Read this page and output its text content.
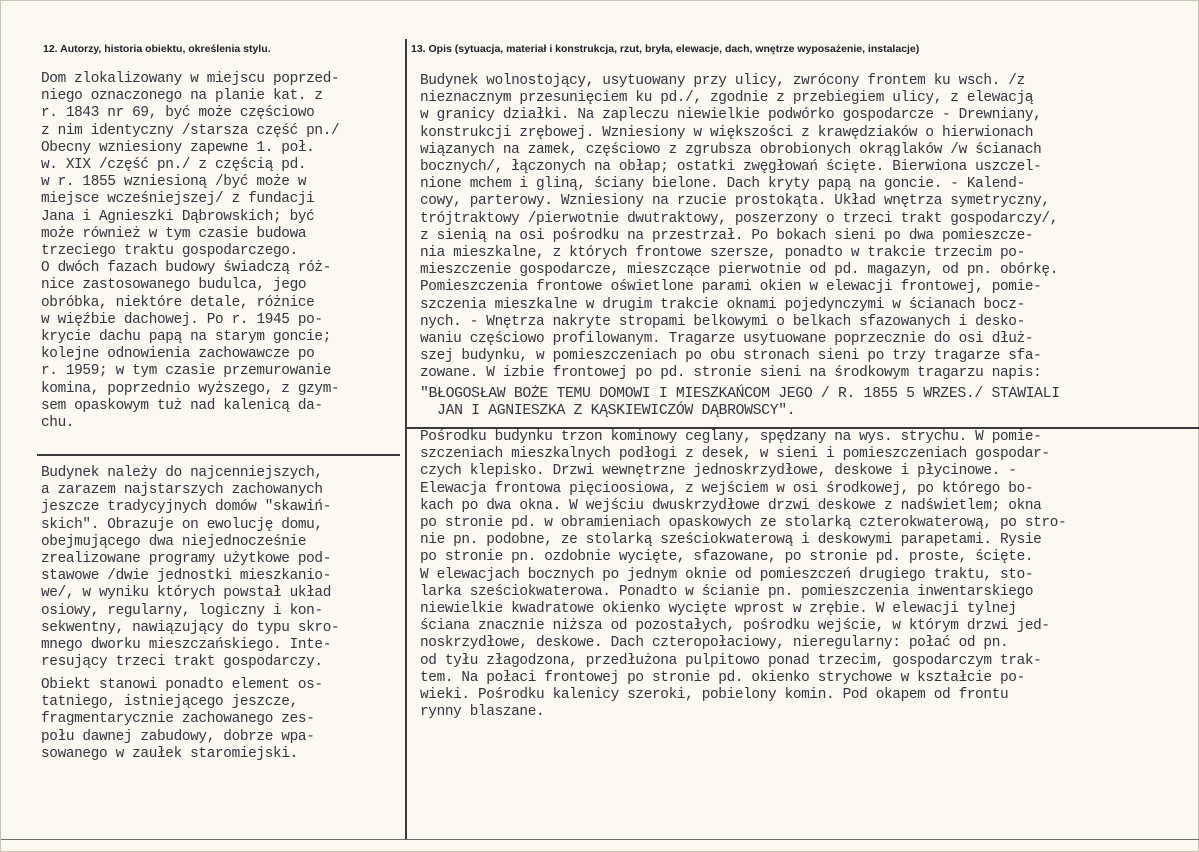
12. Autorzy, historia obiektu, określenia stylu.	13. Opis (sytuacja, materiał i konstrukcja, rzut, bryła, elewacje, dach, wnętrze wyposażenie, instalacje)
Dom zlokalizowany w miejscu poprzed-
niego oznaczonego na planie kat. z
r. 1843 nr 69, być może częściowo
z nim identyczny /starsza część pn./
Obecny wzniesiony zapewne 1. poł.
w. XIX /część pn./ z częścią pd.
w r. 1855 wzniesioną /być może w
miejsce wcześniejszej/ z fundacji
Jana i Agnieszki Dąbrowskich; być
może również w tym czasie budowa
trzeciego traktu gospodarczego.
O dwóch fazach budowy świadczą róż-
nice zastosowanego budulca, jego
obróbka, niektóre detale, różnice
w więźbie dachowej. Po r. 1945 po-
krycie dachu papą na starym goncie;
kolejne odnowienia zachowawcze po
r. 1959; w tym czasie przemurowanie
komina, poprzednio wyższego, z gzym-
sem opaskowym tuż nad kalenicą da-
chu.
Budynek należy do najcenniejszych,
a zarazem najstarszych zachowanych
jeszcze tradycyjnych domów "skawiń-
skich". Obrazuje on ewolucję domu,
obejmującego dwa niejednocześnie
zrealizowane programy użytkowe pod-
stawowe /dwie jednostki mieszkanio-
we/, w wyniku których powstał układ
osiowy, regularny, logiczny i kon-
sekwentny, nawiązujący do typu skro-
mnego dworku mieszczańskiego. Inte-
resujący trzeci trakt gospodarczy.
Obiekt stanowi ponadto element os-
tatniego, istniejącego jeszcze,
fragmentarycznie zachowanego zes-
połu dawnej zabudowy, dobrze wpa-
sowanego w zaułek staromiejski.
Budynek wolnostojący, usytuowany przy ulicy, zwrócony frontem ku wsch. /z
nieznacznym przesunięciem ku pd./, zgodnie z przebiegiem ulicy, z elewacją
w granicy działki. Na zapleczu niewielkie podwórko gospodarcze - Drewniany,
konstrukcji zrębowej. Wzniesiony w większości z krawędziaków o hierwionach
wiązanych na zamek, częściowo z zgrubsza obrobionych okrąglaków /w ścianach
bocznych/, łączonych na obłap; ostatki zwęgłowań ścięte. Bierwiona uszczel-
nione mchem i gliną, ściany bielone. Dach kryty papą na goncie. - Kalend-
cowy, parterowy. Wzniesiony na rzucie prostokąta. Układ wnętrza symetryczny,
trójtraktowy /pierwotnie dwutraktowy, poszerzony o trzeci trakt gospodarczy/,
z sienią na osi pośrodku na przestrzał. Po bokach sieni po dwa pomieszcze-
nia mieszkalne, z których frontowe szersze, ponadto w trakcie trzecim po-
mieszczenie gospodarcze, mieszczące pierwotnie od pd. magazyn, od pn. obórkę.
Pomieszczenia frontowe oświetlone parami okien w elewacji frontowej, pomie-
szczenia mieszkalne w drugim trakcie oknami pojedynczymi w ścianach bocz-
nych. - Wnętrza nakryte stropami belkowymi o belkach sfazowanych i desko-
waniu częściowo profilowanym. Tragarze usytuowane poprzecznie do osi dłuż-
szej budynku, w pomieszczeniach po obu stronach sieni po trzy tragarze sfa-
zowane. W izbie frontowej po pd. stronie sieni na środkowym tragarzu napis:
"BŁOGOSŁAW BOŻE TEMU DOMOWI I MIESZKAŃCOM JEGO / R. 1855 5 WRZES./ STAWIALI
JAN I AGNIESZKA Z KĄSKIEWICZÓW DĄBROWSCY".
Pośrodku budynku trzon kominowy ceglany, spędzany na wys. strychu. W pomie-
szczeniach mieszkalnych podłogi z desek, w sieni i pomieszczeniach gospodar-
czych klepisko. Drzwi wewnętrzne jednoskrzydłowe, deskowe i płycinowe. -
Elewacja frontowa pięcioosiowa, z wejściem w osi środkowej, po którego bo-
kach po dwa okna. W wejściu dwuskrzydłowe drzwi deskowe z nadświetlem; okna
po stronie pd. w obramieniach opaskowych ze stolarką czterokwaterową, po stro-
nie pn. podobne, ze stolarką sześciokwaterową i deskowymi parapetami. Rysie
po stronie pn. ozdobnie wycięte, sfazowane, po stronie pd. proste, ścięte.
W elewacjach bocznych po jednym oknie od pomieszczeń drugiego traktu, sto-
larka sześciokwaterowa. Ponadto w ścianie pn. pomieszczenia inwentarskiego
niewielkie kwadratowe okienko wycięte wprost w zrębie. W elewacji tylnej
ściana znacznie niższa od pozostałych, pośrodku wejście, w którym drzwi jed-
noskrzydłowe, deskowe. Dach czteropołaciowy, nieregularny: połać od pn.
od tyłu złagodzona, przedłużona pulpitowo ponad trzecim, gospodarczym trak-
tem. Na połaci frontowej po stronie pd. okienko strychowe w kształcie po-
wieki. Pośrodku kalenicy szeroki, pobielony komin. Pod okapem od frontu
rynny blaszane.
